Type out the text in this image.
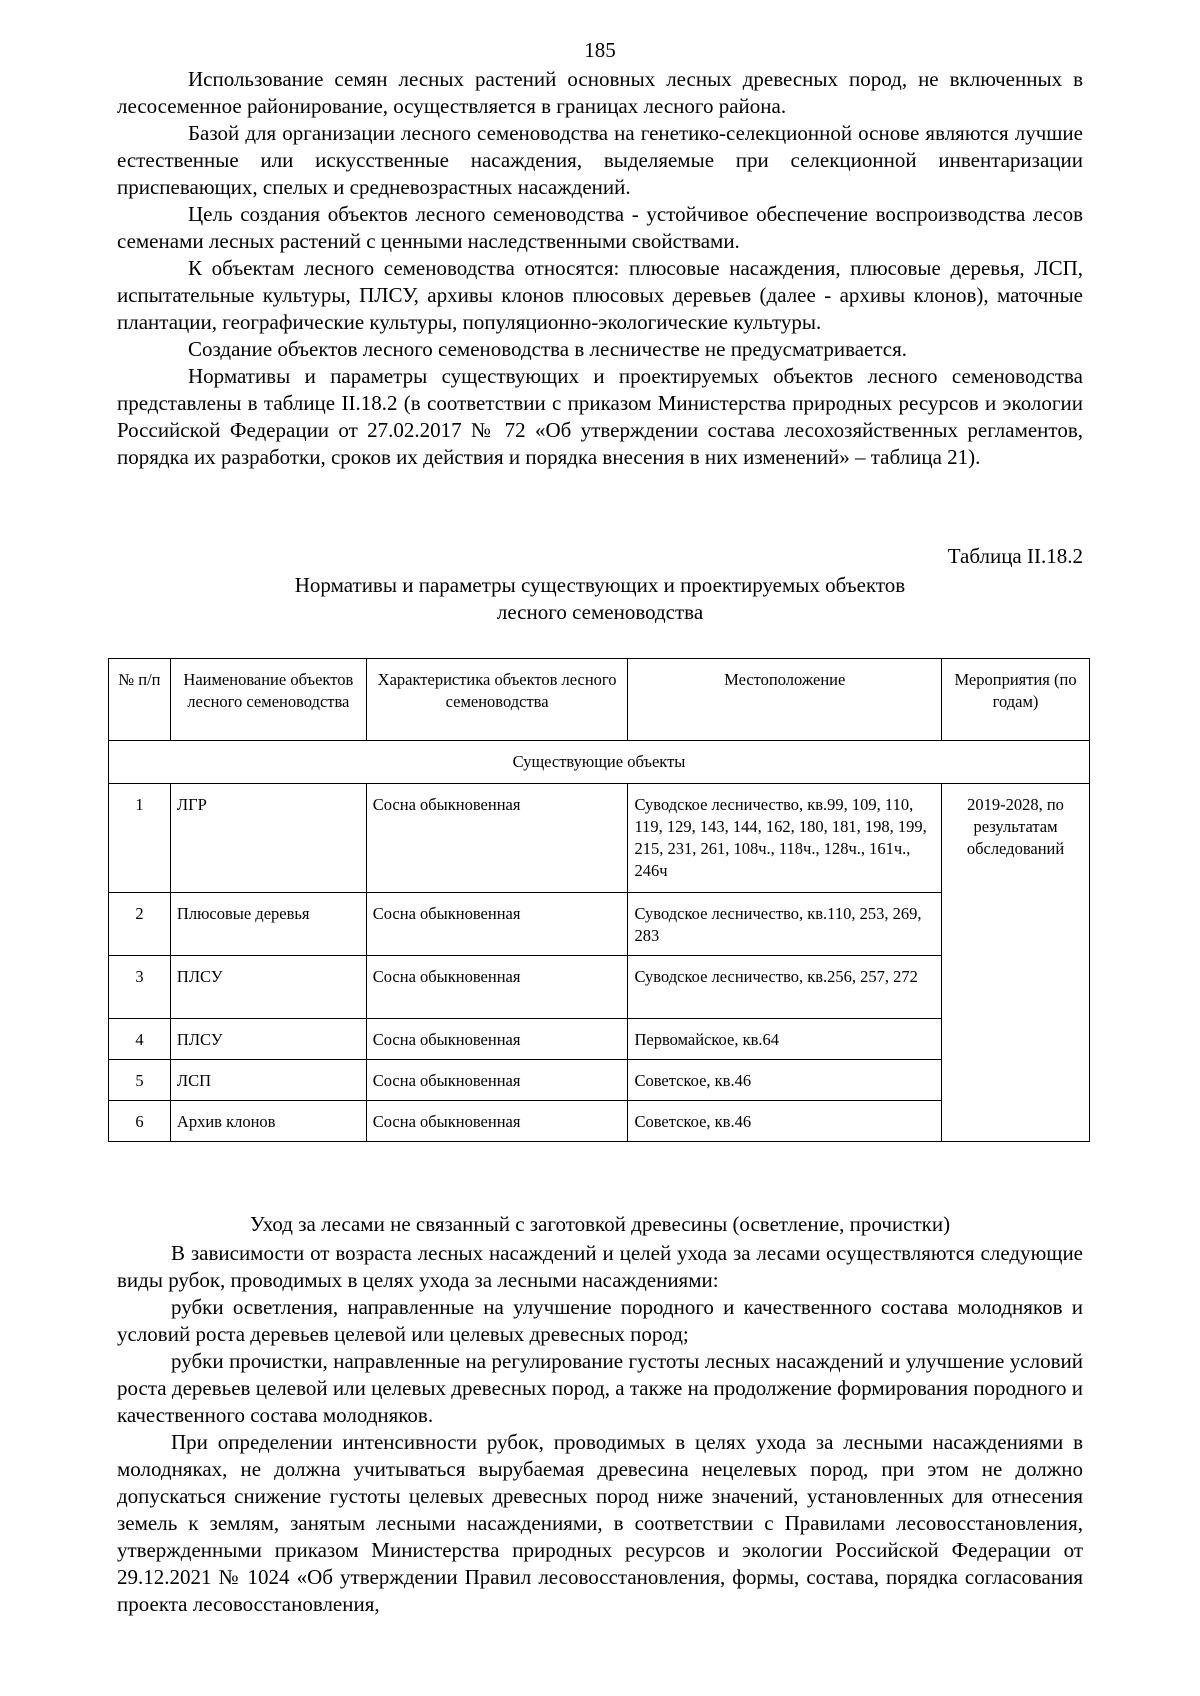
185

Использование семян лесных растений основных лесных древесных пород, не включенных в лесосеменное районирование, осуществляется в границах лесного района.

Базой для организации лесного семеноводства на генетико-селекционной основе являются лучшие естественные или искусственные насаждения, выделяемые при селекционной инвентаризации приспевающих, спелых и средневозрастных насаждений.

Цель создания объектов лесного семеноводства - устойчивое обеспечение воспроизводства лесов семенами лесных растений с ценными наследственными свойствами.

К объектам лесного семеноводства относятся: плюсовые насаждения, плюсовые деревья, ЛСП, испытательные культуры, ПЛСУ, архивы клонов плюсовых деревьев (далее - архивы клонов), маточные плантации, географические культуры, популяционно-экологические культуры.

Создание объектов лесного семеноводства в лесничестве не предусматривается.

Нормативы и параметры существующих и проектируемых объектов лесного семеноводства представлены в таблице II.18.2 (в соответствии с приказом Министерства природных ресурсов и экологии Российской Федерации от 27.02.2017 № 72 «Об утверждении состава лесохозяйственных регламентов, порядка их разработки, сроков их действия и порядка внесения в них изменений» – таблица 21).

Таблица II.18.2
Нормативы и параметры существующих и проектируемых объектов
лесного семеноводства
№ п/п	Наименование объектов лесного семеноводства	Характеристика объектов лесного семеноводства	Местоположение	Мероприятия (по годам)
Существующие объекты				
1	ЛГР	Сосна обыкновенная	Суводское лесничество, кв.99, 109, 110, 119, 129, 143, 144, 162, 180, 181, 198, 199, 215, 231, 261, 108ч., 118ч., 128ч., 161ч., 246ч	2019-2028, по результатам обследований
2	Плюсовые деревья	Сосна обыкновенная	Суводское лесничество, кв.110, 253, 269, 283	
3	ПЛСУ	Сосна обыкновенная	Суводское лесничество, кв.256, 257, 272	
4	ПЛСУ	Сосна обыкновенная	Первомайское, кв.64	
5	ЛСП	Сосна обыкновенная	Советское, кв.46	
6	Архив клонов	Сосна обыкновенная	Советское, кв.46	
Уход за лесами не связанный с заготовкой древесины (осветление, прочистки)

В зависимости от возраста лесных насаждений и целей ухода за лесами осуществляются следующие виды рубок, проводимых в целях ухода за лесными насаждениями:

рубки осветления, направленные на улучшение породного и качественного состава молодняков и условий роста деревьев целевой или целевых древесных пород;

рубки прочистки, направленные на регулирование густоты лесных насаждений и улучшение условий роста деревьев целевой или целевых древесных пород, а также на продолжение формирования породного и качественного состава молодняков.

При определении интенсивности рубок, проводимых в целях ухода за лесными насаждениями в молодняках, не должна учитываться вырубаемая древесина нецелевых пород, при этом не должно допускаться снижение густоты целевых древесных пород ниже значений, установленных для отнесения земель к землям, занятым лесными насаждениями, в соответствии с Правилами лесовосстановления, утвержденными приказом Министерства природных ресурсов и экологии Российской Федерации от 29.12.2021 № 1024 «Об утверждении Правил лесовосстановления, формы, состава, порядка согласования проекта лесовосстановления,
